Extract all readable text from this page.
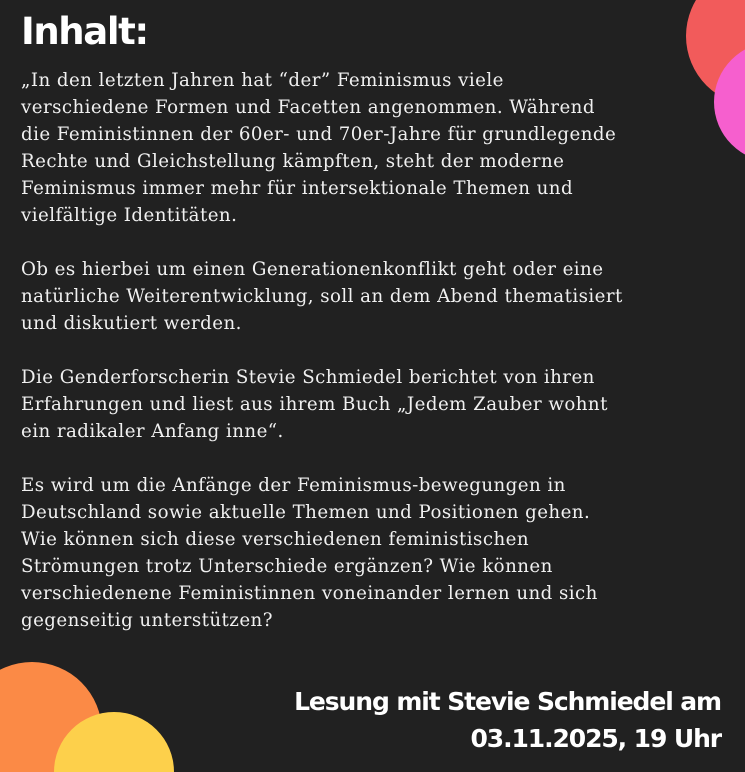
Inhalt:

„In den letzten Jahren hat “der” Feminismus viele
verschiedene Formen und Facetten angenommen. Während
die Feministinnen der 60er- und 70er-Jahre für grundlegende
Rechte und Gleichstellung kämpften, steht der moderne
Feminismus immer mehr für intersektionale Themen und
vielfältige Identitäten.

Ob es hierbei um einen Generationenkonflikt geht oder eine
natürliche Weiterentwicklung, soll an dem Abend thematisiert
und diskutiert werden.

Die Genderforscherin Stevie Schmiedel berichtet von ihren
Erfahrungen und liest aus ihrem Buch „Jedem Zauber wohnt
ein radikaler Anfang inne“.

Es wird um die Anfänge der Feminismus-bewegungen in
Deutschland sowie aktuelle Themen und Positionen gehen.
Wie können sich diese verschiedenen feministischen
Strömungen trotz Unterschiede ergänzen? Wie können
verschiedenene Feministinnen voneinander lernen und sich
gegenseitig unterstützen?

Lesung mit Stevie Schmiedel am
03.11.2025, 19 Uhr
